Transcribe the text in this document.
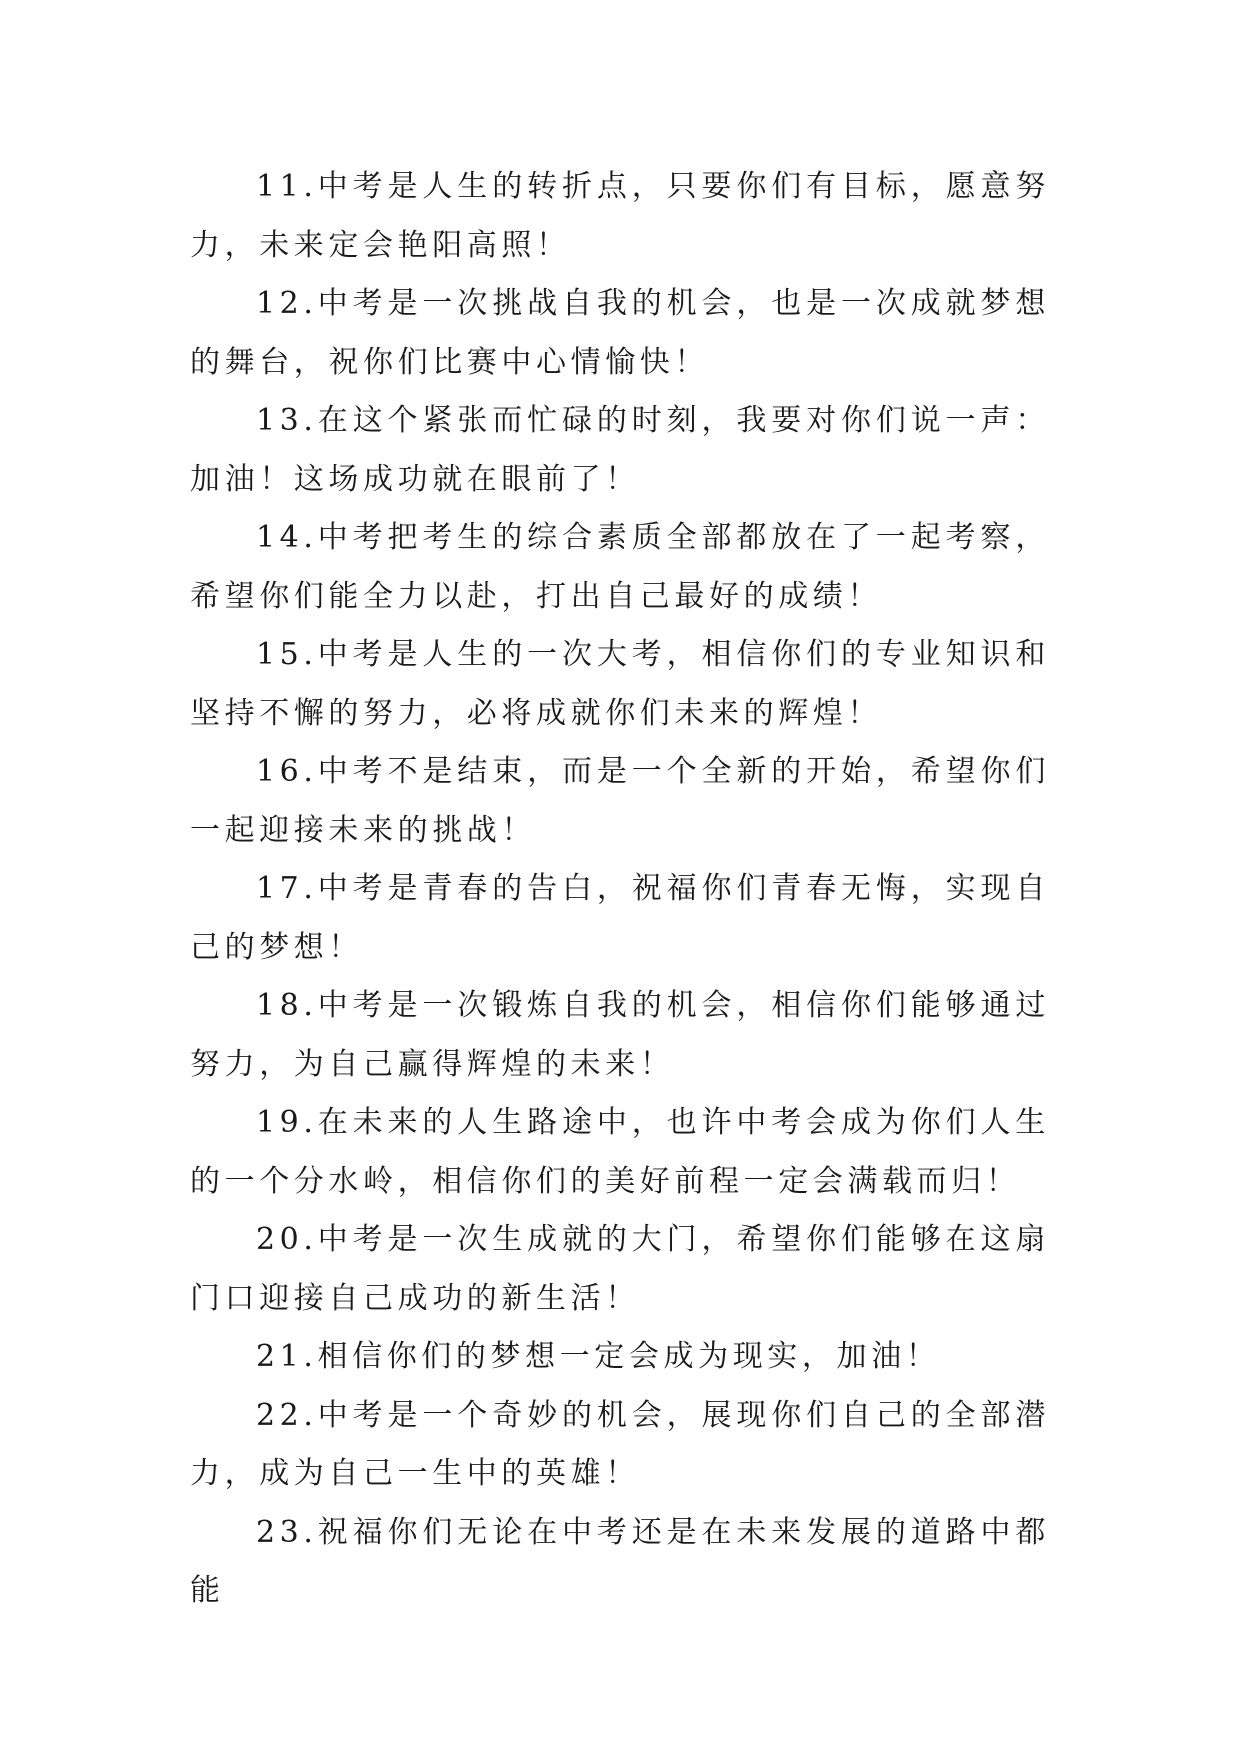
11.中考是人生的转折点，只要你们有目标，愿意努力，未来定会艳阳高照！

12.中考是一次挑战自我的机会，也是一次成就梦想的舞台，祝你们比赛中心情愉快！

13.在这个紧张而忙碌的时刻，我要对你们说一声：加油！这场成功就在眼前了！

14.中考把考生的综合素质全部都放在了一起考察，希望你们能全力以赴，打出自己最好的成绩！

15.中考是人生的一次大考，相信你们的专业知识和坚持不懈的努力，必将成就你们未来的辉煌！

16.中考不是结束，而是一个全新的开始，希望你们一起迎接未来的挑战！

17.中考是青春的告白，祝福你们青春无悔，实现自己的梦想！

18.中考是一次锻炼自我的机会，相信你们能够通过努力，为自己赢得辉煌的未来！

19.在未来的人生路途中，也许中考会成为你们人生的一个分水岭，相信你们的美好前程一定会满载而归！

20.中考是一次生成就的大门，希望你们能够在这扇门口迎接自己成功的新生活！

21.相信你们的梦想一定会成为现实，加油！

22.中考是一个奇妙的机会，展现你们自己的全部潜力，成为自己一生中的英雄！

23.祝福你们无论在中考还是在未来发展的道路中都能
